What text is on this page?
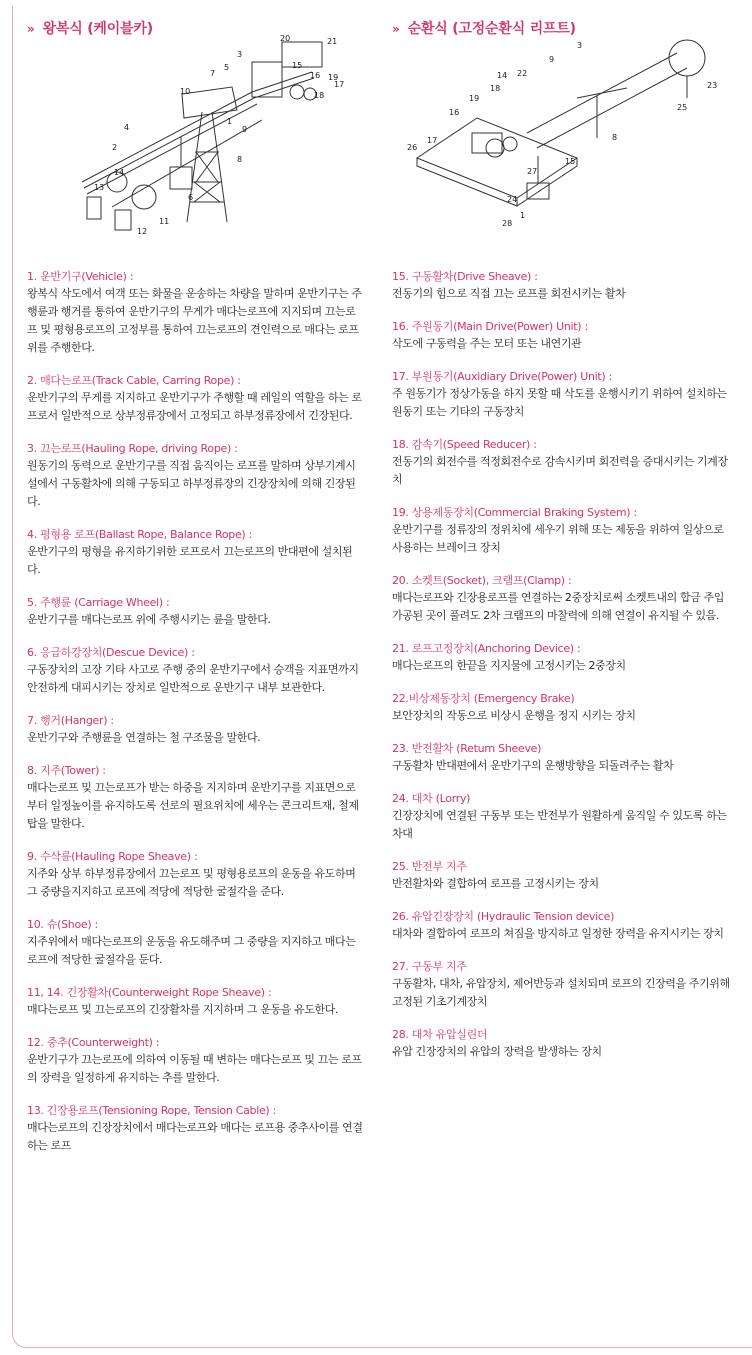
» 왕복식 (케이블카)
1
2
3
4
5
6
7
8
9
10
11
12
13
14
15
16
17
18
19
20	21
1. 운반기구(Vehicle) :
왕복식 삭도에서 여객 또는 화물을 운송하는 차량을 말하며 운반기구는 주행륜과 행거를 통하여 운반기구의 무게가 매다는로프에 지지되며 끄는로프 및 평형용로프의 고정부를 통하여 끄는로프의 견인력으로 매다는 로프위를 주행한다.
2. 매다는로프(Track Cable, Carring Rope) :
운반기구의 무게를 지지하고 운반기구가 주행할 때 레일의 역할을 하는 로프로서 일반적으로 상부정류장에서 고정되고 하부정류장에서 긴장된다.
3. 끄는로프(Hauling Rope, driving Rope) :
원동기의 동력으로 운반기구를 직접 움직이는 로프를 말하며 상부기계시설에서 구동활차에 의해 구동되고 하부정류장의 긴장장치에 의해 긴장된다.
4. 평형용 로프(Ballast Rope, Balance Rope) :
운반기구의 평형을 유지하기위한 로프로서 끄는로프의 반대편에 설치된다.
5. 주행륜 (Carriage Wheel) :
운반기구를 매다는로프 위에 주행시키는 륜을 말한다.
6. 응급하강장치(Descue Device) :
구동장치의 고장 기타 사고로 주행 중의 운반기구에서 승객을 지표면까지 안전하게 대피시키는 장치로 일반적으로 운반기구 내부 보관한다.
7. 행거(Hanger) :
운반기구와 주행륜을 연결하는 철 구조물을 말한다.
8. 지주(Tower) :
매다는로프 및 끄는로프가 받는 하중을 지지하며 운반기구를 지표면으로부터 일정높이를 유지하도록 선로의 필요위치에 세우는 콘크리트재, 철제 탑을 말한다.
9. 수삭륜(Hauling Rope Sheave) :
지주와 상부 하부정류장에서 끄는로프 및 평형용로프의 운동을 유도하며 그 중량을지지하고 로프에 적당에 적당한 굴절각을 준다.
10. 슈(Shoe) :
지주위에서 매다는로프의 운동을 유도해주며 그 중량을 지지하고 매다는로프에 적당한 굴절각을 둔다.
11, 14. 긴장활차(Counterweight Rope Sheave) :
매다는로프 및 끄는로프의 긴장활차를 지지하며 그 운동을 유도한다.
12. 중추(Counterweight) :
운반기구가 끄는로프에 의하여 이동될 때 변하는 매다는로프 및 끄는 로프의 장력을 일정하게 유지하는 추를 말한다.
13. 긴장용로프(Tensioning Rope, Tension Cable) :
매다는로프의 긴장장치에서 매다는로프와 매다는 로프용 중추사이를 연결하는 로프
» 순환식 (고정순환식 리프트)
1
3
8
9
14
15
16
17
18
19
22
23
24
25
26
27
28
15. 구동활차(Drive Sheave) :
전동기의 힘으로 직접 끄는 로프를 회전시키는 활차
16. 주원동기(Main Drive(Power) Unit) :
삭도에 구동력을 주는 모터 또는 내연기관
17. 부원동기(Auxidiary Drive(Power) Unit) :
주 원동기가 정상가동을 하지 못할 때 삭도를 운행시키기 위하여 설치하는 원동기 또는 기타의 구동장치
18. 감속기(Speed Reducer) :
전동기의 회전수를 적정회전수로 감속시키며 회전력을 증대시키는 기계장치
19. 상용제동장치(Commercial Braking System) :
운반기구를 정류장의 정위치에 세우기 위해 또는 제동을 위하여 일상으로 사용하는 브레이크 장치
20. 소켓트(Socket), 크램프(Clamp) :
매다는로프와 긴장용로프를 연결하는 2중장치로써 소켓트내의 합금 주입 가공된 곳이 풀려도 2차 크램프의 마찰력에 의해 연결이 유지될 수 있음.
21. 로프고정장치(Anchoring Device) :
매다는로프의 한끝을 지지물에 고정시키는 2중장치
22.비상제동장치 (Emergency Brake)
보안장치의 작동으로 비상시 운행을 정지 시키는 장치
23. 반전활차 (Return Sheeve)
구동활차 반대편에서 운반기구의 운행방향을 되돌려주는 활차
24. 대차 (Lorry)
긴장장치에 연결된 구동부 또는 반전부가 원활하게 움직일 수 있도록 하는 차대
25. 반전부 지주
반전활차와 결합하여 로프를 고정시키는 장치
26. 유압긴장장치 (Hydraulic Tension device)
대차와 결합하여 로프의 쳐짐을 방지하고 일정한 장력을 유지시키는 장치
27. 구동부 지주
구동활차, 대차, 유압장치, 제어반등과 설치되며 로프의 긴장력을 주기위해 고정된 기초기계장치
28. 대차 유압실린더
유압 긴장장치의 유압의 장력을 발생하는 장치
